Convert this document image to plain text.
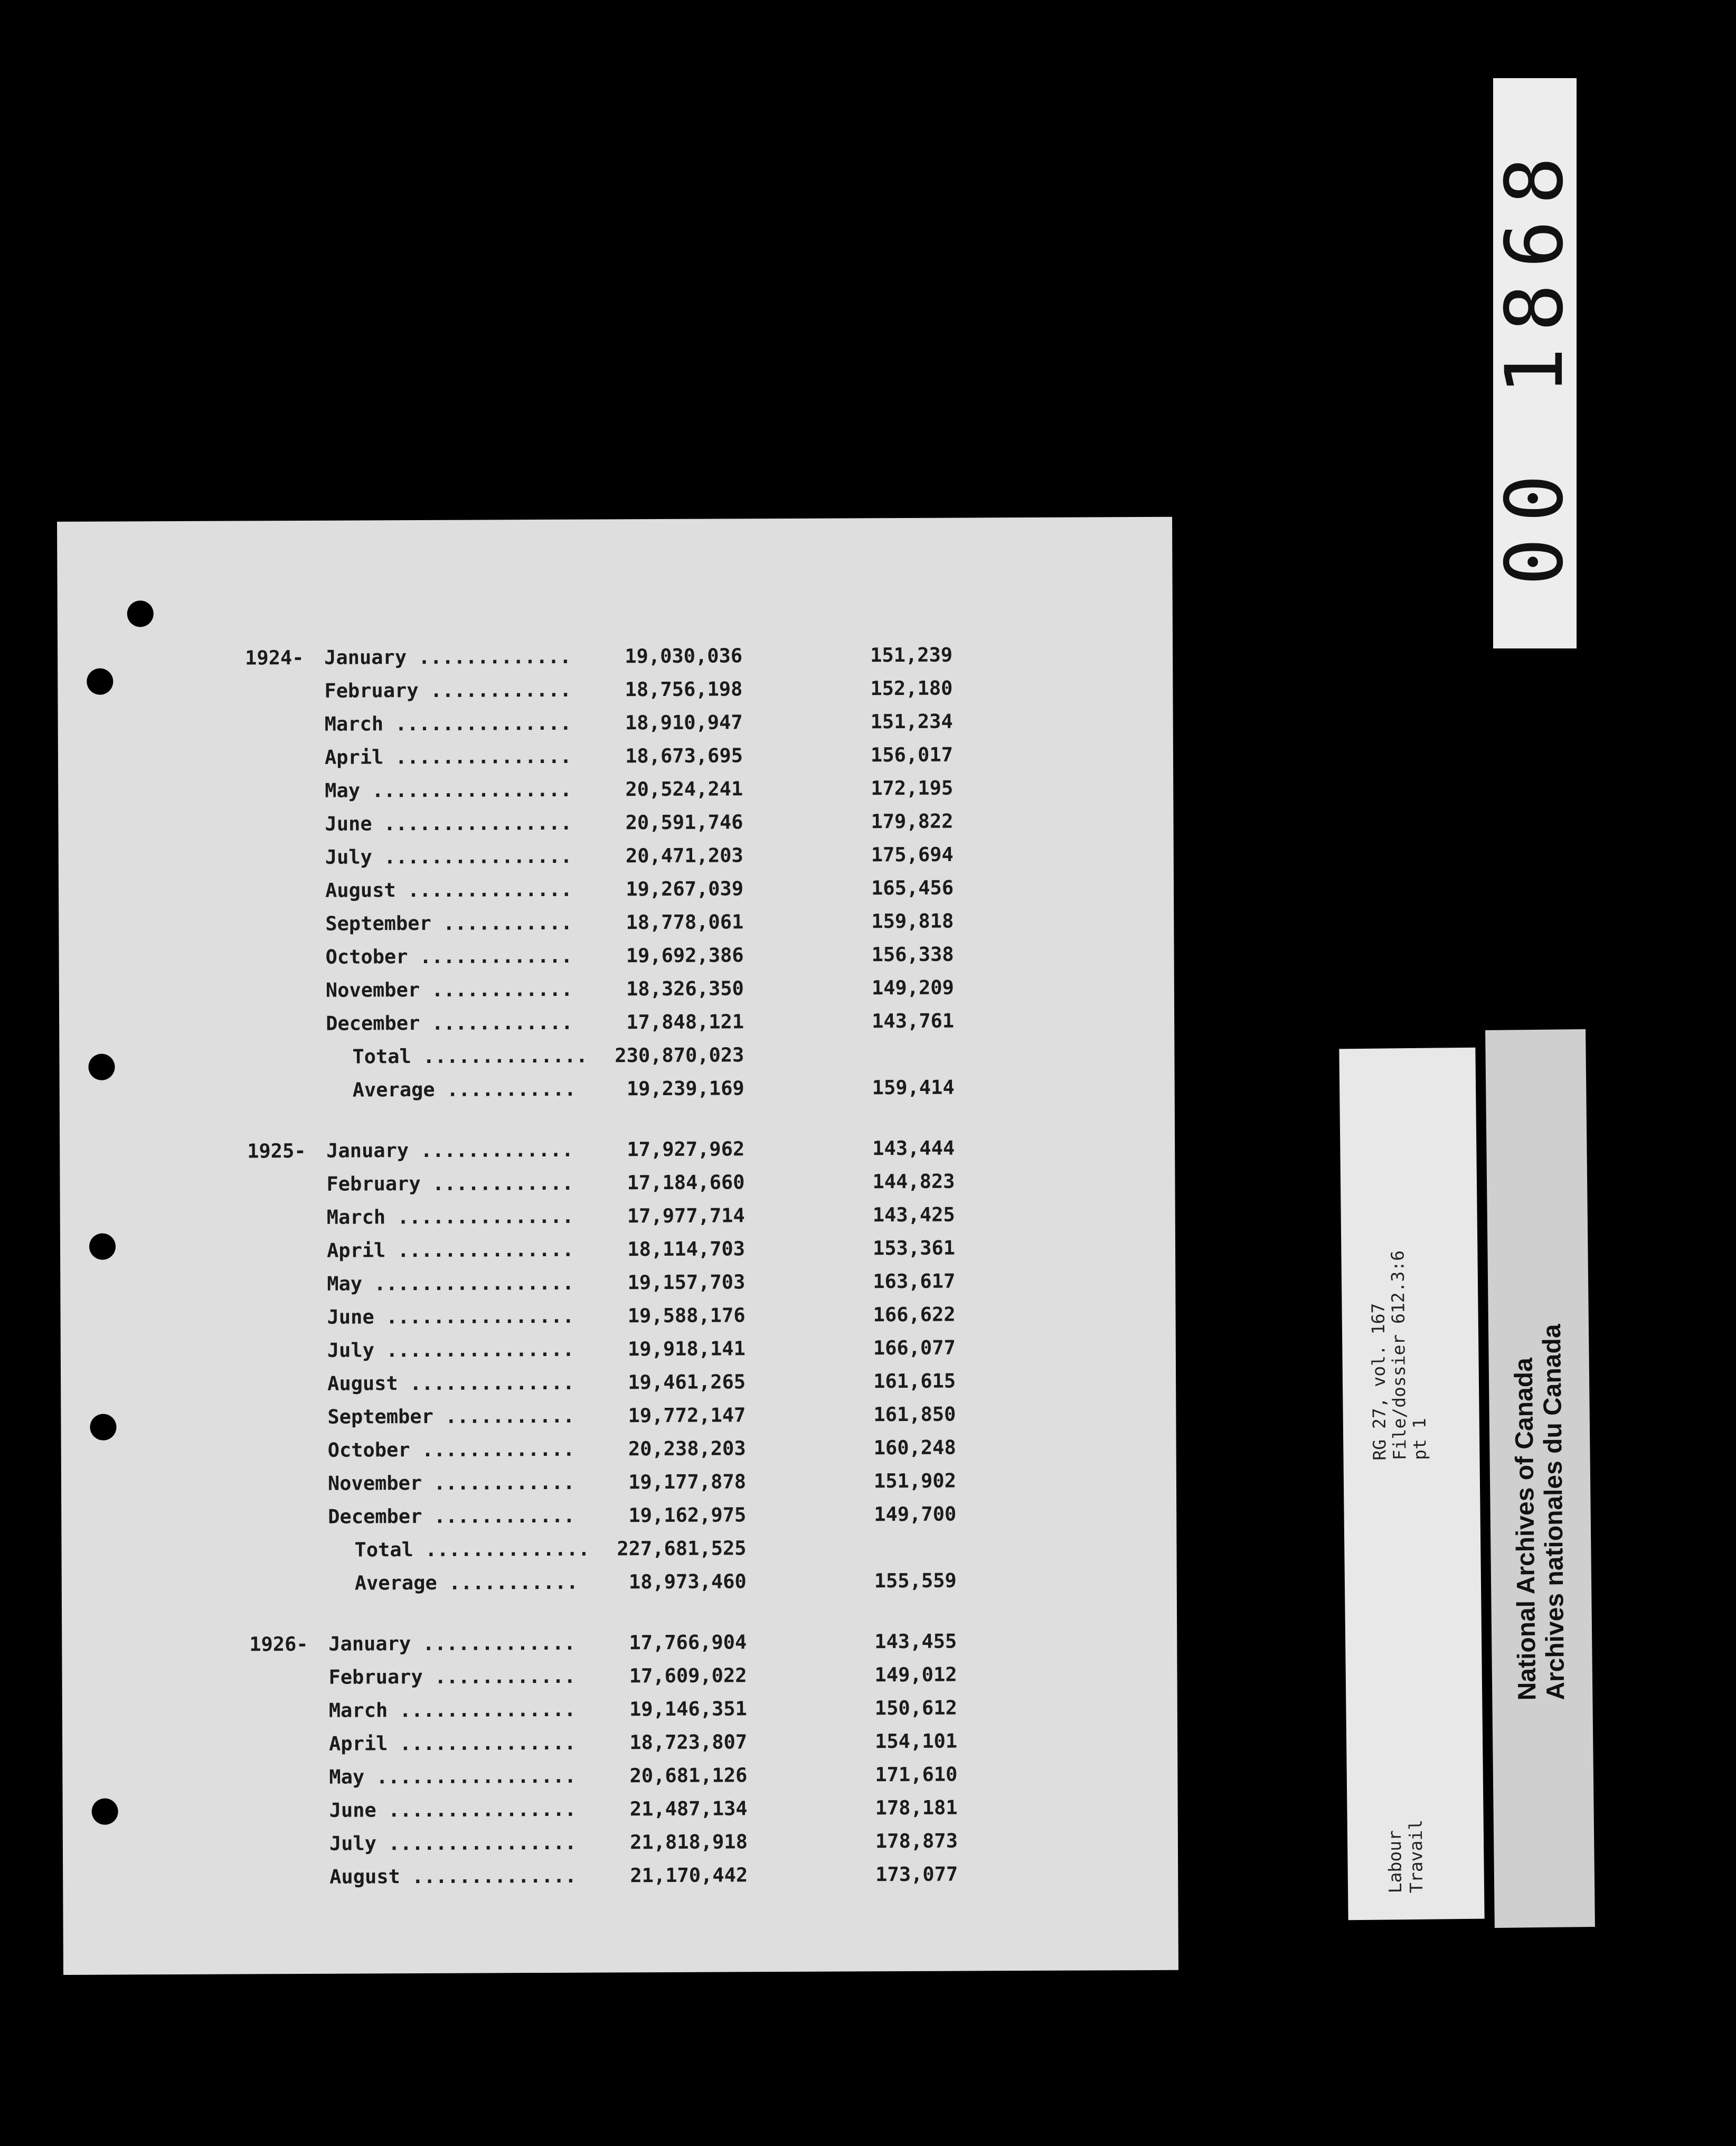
00 1868
1924-	January .............	19,030,036	151,239
February ............	18,756,198	152,180
March ...............	18,910,947	151,234
April ...............	18,673,695	156,017
May .................	20,524,241	172,195
June ................	20,591,746	179,822
July ................	20,471,203	175,694
August ..............	19,267,039	165,456
September ...........	18,778,061	159,818
October .............	19,692,386	156,338
November ............	18,326,350	149,209
December ............	17,848,121	143,761
Total ..............	230,870,023
Average ...........	19,239,169	159,414
1925-	January .............	17,927,962	143,444
February ............	17,184,660	144,823
March ...............	17,977,714	143,425
April ...............	18,114,703	153,361
May .................	19,157,703	163,617
June ................	19,588,176	166,622
July ................	19,918,141	166,077
August ..............	19,461,265	161,615
September ...........	19,772,147	161,850
October .............	20,238,203	160,248
November ............	19,177,878	151,902
December ............	19,162,975	149,700
Total ..............	227,681,525
Average ...........	18,973,460	155,559
1926-	January .............	17,766,904	143,455
February ............	17,609,022	149,012
March ...............	19,146,351	150,612
April ...............	18,723,807	154,101
May .................	20,681,126	171,610
June ................	21,487,134	178,181
July ................	21,818,918	178,873
August ..............	21,170,442	173,077	Labour Travail
RG 27, vol. 167
File/dossier 612.3:6
pt 1	National Archives of Canada
Archives nationales du Canada
